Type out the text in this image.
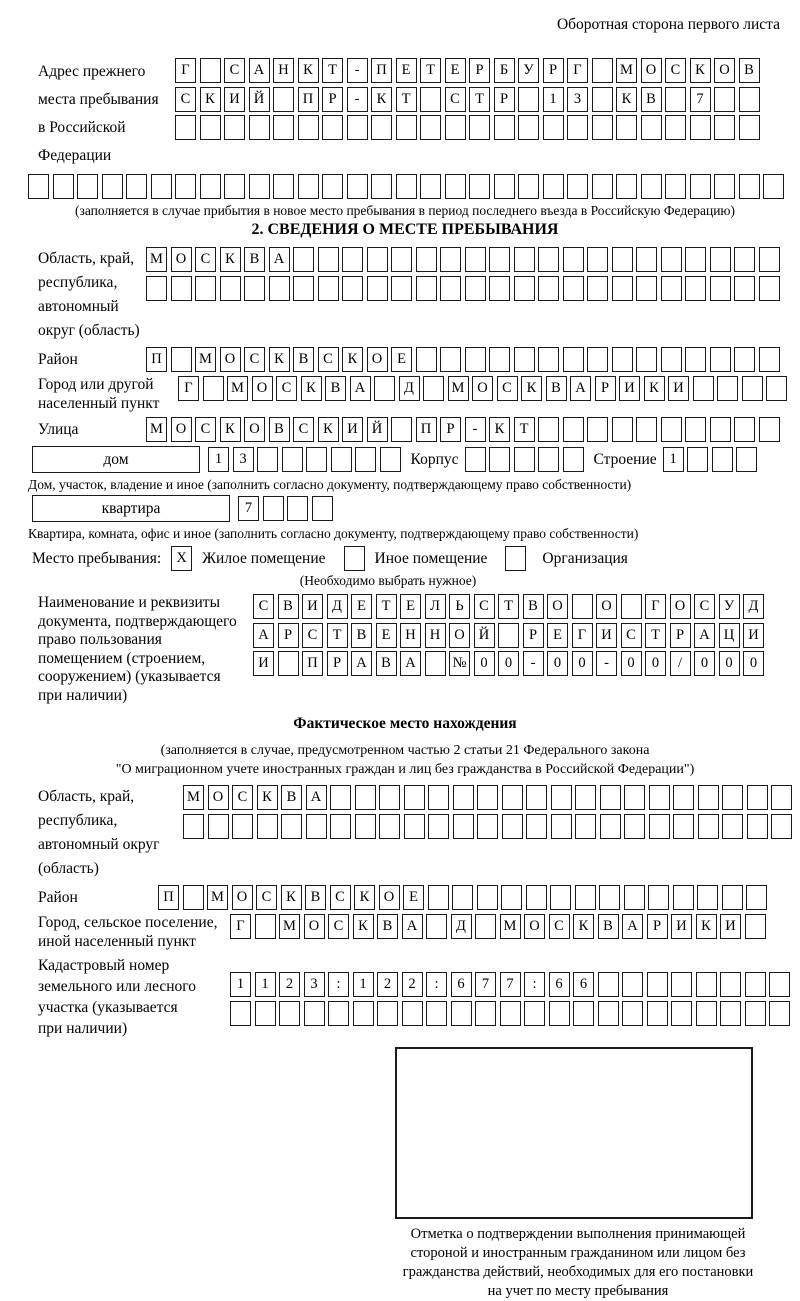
Оборотная сторона первого листа
Адрес прежнего
места пребывания
в Российской
Федерации
Г	С А Н К	Т	-	П	Е	Т	Е	Р	Б	У	Р	Г	М О С	К О В
С	К И Й	П	Р	-	К	Т	С	Т	Р	1	3	К	В	7
(заполняется в случае прибытия в новое место пребывания в период последнего въезда в Российскую Федерацию)
2. СВЕДЕНИЯ О МЕСТЕ ПРЕБЫВАНИЯ
Область, край,
республика,
автономный
округ (область)
М О С	К	В А
Район	П	М О С	К	В	С	К О	Е
Город или другой
населенный пункт
Г	М О С	К	В А	Д	М О С	К	В А	Р	И К И
Улица	М О С	К О В	С	К И Й	П	Р	-	К	Т
дом	1	3	Корпус	Строение 1
Дом, участок, владение и иное (заполнить согласно документу, подтверждающему право собственности)
квартира	7
Квартира, комната, офис и иное (заполнить согласно документу, подтверждающему право собственности)
Место пребывания:	X Жилое помещение	Иное помещение	Организация
(Необходимо выбрать нужное)
Наименование и реквизиты
документа, подтверждающего
право пользования
помещением (строением,
сооружением) (указывается
при наличии)
С	В И Д	Е	Т	Е	Л	Ь	С	Т	В О	О	Г	О С	У Д
А	Р	С	Т	В	Е	Н Н О Й	Р	Е	Г	И С	Т	Р	А Ц И
И	П	Р	А В А	№ 0	0	-	0	0	-	0	0	/	0	0	0
Фактическое место нахождения
(заполняется в случае, предусмотренном частью 2 статьи 21 Федерального закона
"О миграционном учете иностранных граждан и лиц без гражданства в Российской Федерации")
Область, край,
республика,
автономный округ
(область)
М О С	К	В А
Район	П	М О С	К	В	С	К О	Е
Город, сельское поселение,
иной населенный пункт
Г	М О С	К	В А	Д	М О С	К	В А	Р	И К И
Кадастровый номер
земельного или лесного
участка (указывается
при наличии)
1	1	2	3	:	1	2	2	:	6	7	7	:	6	6
Отметка о подтверждении выполнения принимающей
стороной и иностранным гражданином или лицом без
гражданства действий, необходимых для его постановки
на учет по месту пребывания
